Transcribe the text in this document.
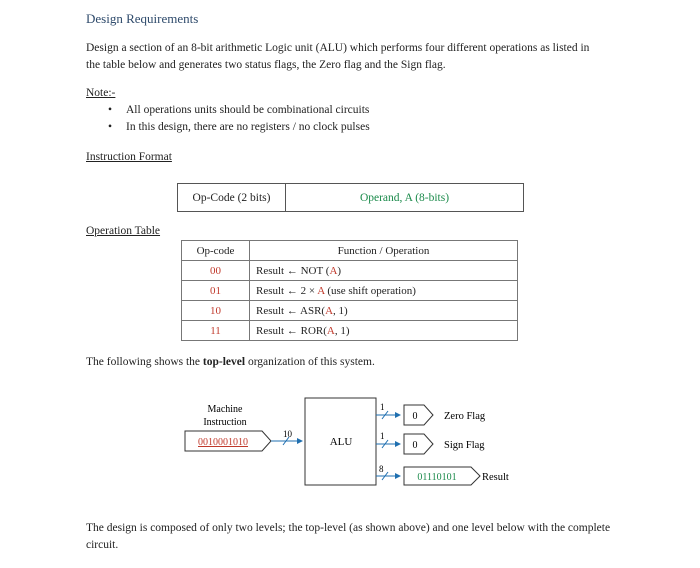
Design Requirements
Design a section of an 8-bit arithmetic Logic unit (ALU) which performs four different operations as listed in the table below and generates two status flags, the Zero flag and the Sign flag.
Note:-
• All operations units should be combinational circuits
• In this design, there are no registers / no clock pulses
Instruction Format
Op-Code (2 bits)	Operand, A (8-bits)
Operation Table
Op-code	Function / Operation
00	Result ← NOT (A)
01	Result ← 2 × A (use shift operation)
10	Result ← ASR(A, 1)
11	Result ← ROR(A, 1)
The following shows the top-level organization of this system.
Machine
Instruction
0010001010
10
ALU
1
0	Zero Flag
1
0	Sign Flag
8
01110101 Result
The design is composed of only two levels; the top-level (as shown above) and one level below with the complete circuit.
